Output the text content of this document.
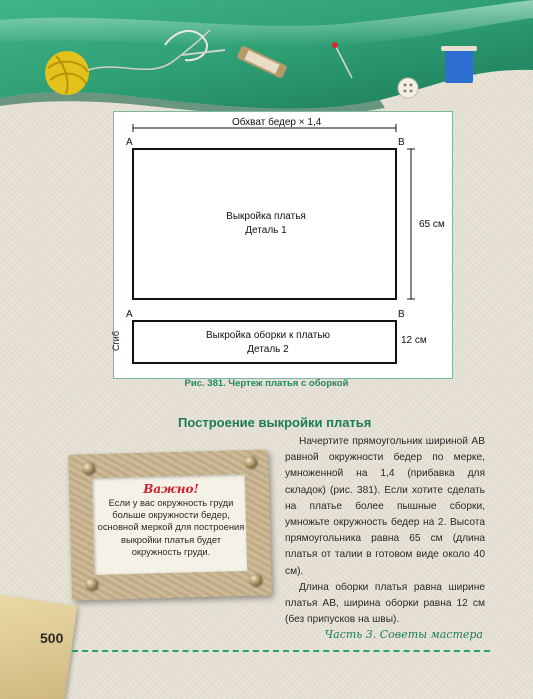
Обхват бедер × 1,4
A	B
Выкройка платья
Деталь 1
65 см
A	B
Сгиб	Выкройка оборки к платью
Деталь 2
12 см
Рис. 381. Чертеж платья с оборкой
Построение выкройки платья

Начертите прямоугольник шириной AB равной окружности бедер по мерке, умноженной на 1,4 (прибавка для складок) (рис. 381). Если хотите сделать на платье более пышные сборки, умножьте окружность бедер на 2. Высота прямоугольника равна 65 см (длина платья от талии в готовом виде около 40 см).

Длина оборки платья равна ширине платья AB, ширина оборки равна 12 см (без припусков на швы).

Важно!
Если у вас окружность груди больше окружности бедер, основной меркой для построения выкройки платья будет окружность груди.
500	Часть 3. Советы мастера
